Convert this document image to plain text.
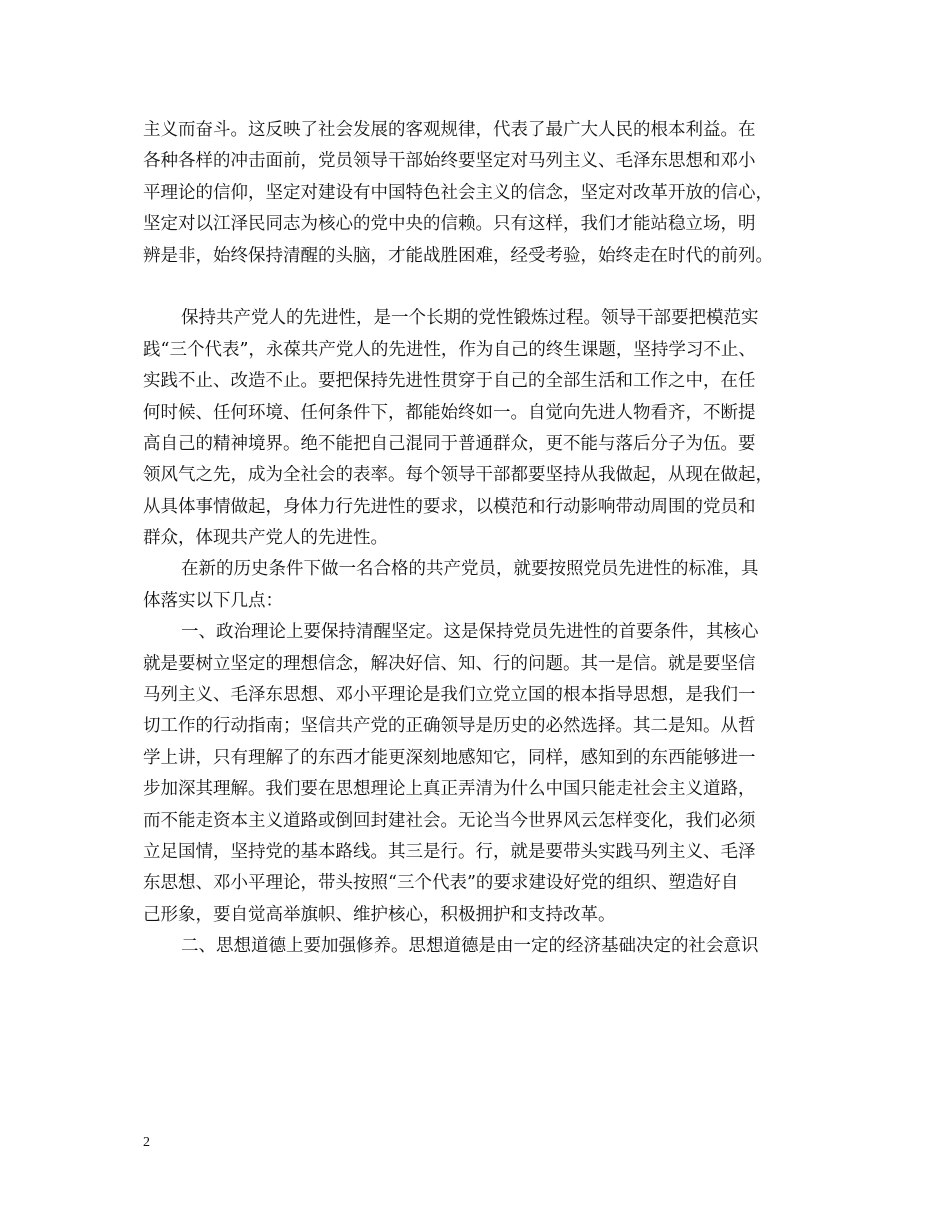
主义而奋斗。这反映了社会发展的客观规律，代表了最广大人民的根本利益。在
各种各样的冲击面前，党员领导干部始终要坚定对马列主义、毛泽东思想和邓小
平理论的信仰，坚定对建设有中国特色社会主义的信念，坚定对改革开放的信心，
坚定对以江泽民同志为核心的党中央的信赖。只有这样，我们才能站稳立场，明
辨是非，始终保持清醒的头脑，才能战胜困难，经受考验，始终走在时代的前列。
保持共产党人的先进性，是一个长期的党性锻炼过程。领导干部要把模范实
践“三个代表”，永葆共产党人的先进性，作为自己的终生课题，坚持学习不止、
实践不止、改造不止。要把保持先进性贯穿于自己的全部生活和工作之中，在任
何时候、任何环境、任何条件下，都能始终如一。自觉向先进人物看齐，不断提
高自己的精神境界。绝不能把自己混同于普通群众，更不能与落后分子为伍。要
领风气之先，成为全社会的表率。每个领导干部都要坚持从我做起，从现在做起，
从具体事情做起，身体力行先进性的要求，以模范和行动影响带动周围的党员和
群众，体现共产党人的先进性。
在新的历史条件下做一名合格的共产党员，就要按照党员先进性的标准，具
体落实以下几点：
一、政治理论上要保持清醒坚定。这是保持党员先进性的首要条件，其核心
就是要树立坚定的理想信念，解决好信、知、行的问题。其一是信。就是要坚信
马列主义、毛泽东思想、邓小平理论是我们立党立国的根本指导思想，是我们一
切工作的行动指南；坚信共产党的正确领导是历史的必然选择。其二是知。从哲
学上讲，只有理解了的东西才能更深刻地感知它，同样，感知到的东西能够进一
步加深其理解。我们要在思想理论上真正弄清为什么中国只能走社会主义道路，
而不能走资本主义道路或倒回封建社会。无论当今世界风云怎样变化，我们必须
立足国情，坚持党的基本路线。其三是行。行，就是要带头实践马列主义、毛泽
东思想、邓小平理论，带头按照“三个代表”的要求建设好党的组织、塑造好自
己形象，要自觉高举旗帜、维护核心，积极拥护和支持改革。
二、思想道德上要加强修养。思想道德是由一定的经济基础决定的社会意识
2
